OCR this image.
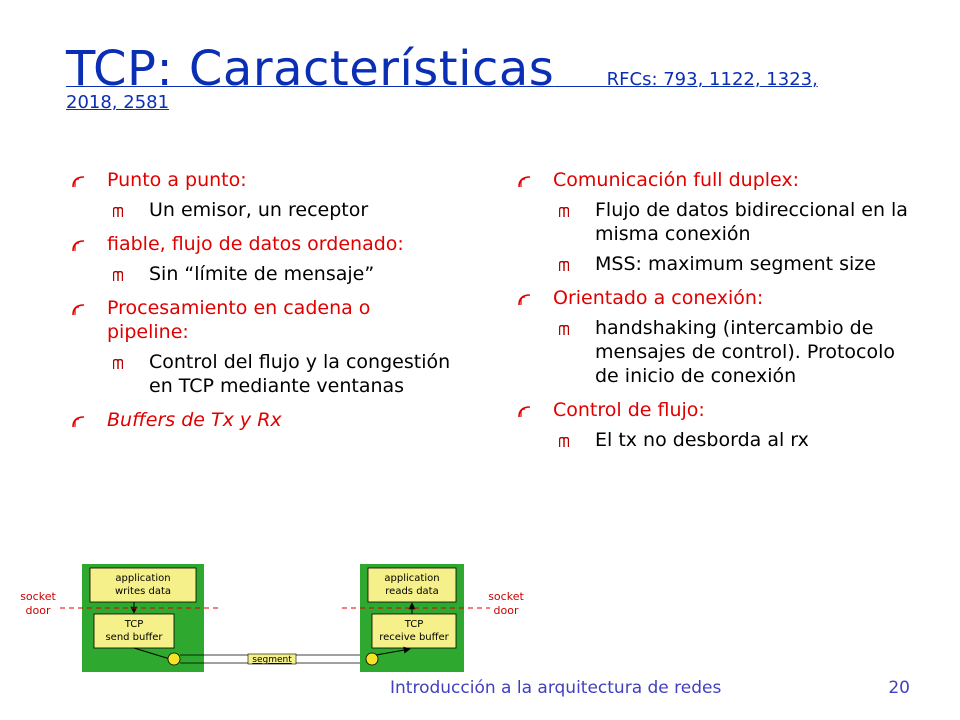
TCP: Características	RFCs: 793, 1122, 1323, 2018, 2581
Punto a punto:
Un emisor, un receptor
fiable, flujo de datos ordenado:
Sin “límite de mensaje”
Procesamiento en cadena o pipeline:
Control del flujo y la congestión en TCP mediante ventanas
Buffers de Tx y Rx
Comunicación full duplex:
Flujo de datos bidireccional en la misma conexión
MSS: maximum segment size
Orientado a conexión:
handshaking (intercambio de mensajes de control). Protocolo de inicio de conexión
Control de flujo:
El tx no desborda al rx
application
writes data
TCP
send buffer
socket
door
segment
application
reads data
TCP
receive buffer
socket
door
Introducción a la arquitectura de redes	20
